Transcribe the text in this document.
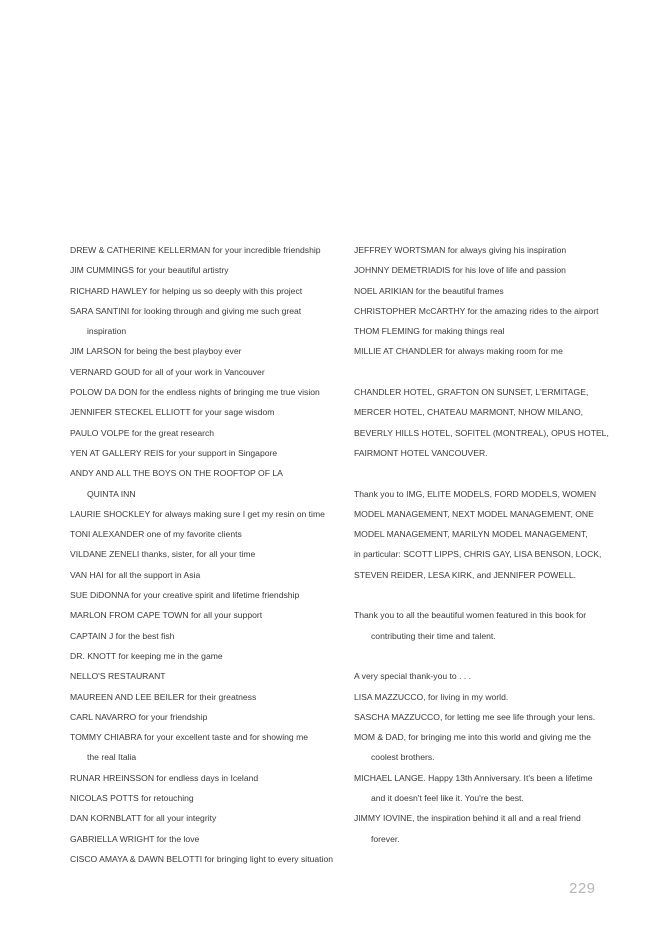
DREW & CATHERINE KELLERMAN for your incredible friendship
JIM CUMMINGS for your beautiful artistry
RICHARD HAWLEY for helping us so deeply with this project
SARA SANTINI for looking through and giving me such great
inspiration
JIM LARSON for being the best playboy ever
VERNARD GOUD for all of your work in Vancouver
POLOW DA DON for the endless nights of bringing me true vision
JENNIFER STECKEL ELLIOTT for your sage wisdom
PAULO VOLPE for the great research
YEN AT GALLERY REIS for your support in Singapore
ANDY AND ALL THE BOYS ON THE ROOFTOP OF LA
QUINTA INN
LAURIE SHOCKLEY for always making sure I get my resin on time
TONI ALEXANDER one of my favorite clients
VILDANE ZENELI thanks, sister, for all your time
VAN HAI for all the support in Asia
SUE DiDONNA for your creative spirit and lifetime friendship
MARLON FROM CAPE TOWN for all your support
CAPTAIN J for the best fish
DR. KNOTT for keeping me in the game
NELLO'S RESTAURANT
MAUREEN AND LEE BEILER for their greatness
CARL NAVARRO for your friendship
TOMMY CHIABRA for your excellent taste and for showing me
the real Italia
RUNAR HREINSSON for endless days in Iceland
NICOLAS POTTS for retouching
DAN KORNBLATT for all your integrity
GABRIELLA WRIGHT for the love
CISCO AMAYA & DAWN BELOTTI for bringing light to every situation
JEFFREY WORTSMAN for always giving his inspiration
JOHNNY DEMETRIADIS for his love of life and passion
NOEL ARIKIAN for the beautiful frames
CHRISTOPHER McCARTHY for the amazing rides to the airport
THOM FLEMING for making things real
MILLIE AT CHANDLER for always making room for me
CHANDLER HOTEL, GRAFTON ON SUNSET, L'ERMITAGE,
MERCER HOTEL, CHATEAU MARMONT, NHOW MILANO,
BEVERLY HILLS HOTEL, SOFITEL (MONTREAL), OPUS HOTEL,
FAIRMONT HOTEL VANCOUVER.
Thank you to IMG, ELITE MODELS, FORD MODELS, WOMEN
MODEL MANAGEMENT, NEXT MODEL MANAGEMENT, ONE
MODEL MANAGEMENT, MARILYN MODEL MANAGEMENT,
in particular: SCOTT LIPPS, CHRIS GAY, LISA BENSON, LOCK,
STEVEN REIDER, LESA KIRK, and JENNIFER POWELL.
Thank you to all the beautiful women featured in this book for
contributing their time and talent.
A very special thank-you to . . .
LISA MAZZUCCO, for living in my world.
SASCHA MAZZUCCO, for letting me see life through your lens.
MOM & DAD, for bringing me into this world and giving me the
coolest brothers.
MICHAEL LANGE. Happy 13th Anniversary. It's been a lifetime
and it doesn't feel like it. You're the best.
JIMMY IOVINE, the inspiration behind it all and a real friend
forever.
229
